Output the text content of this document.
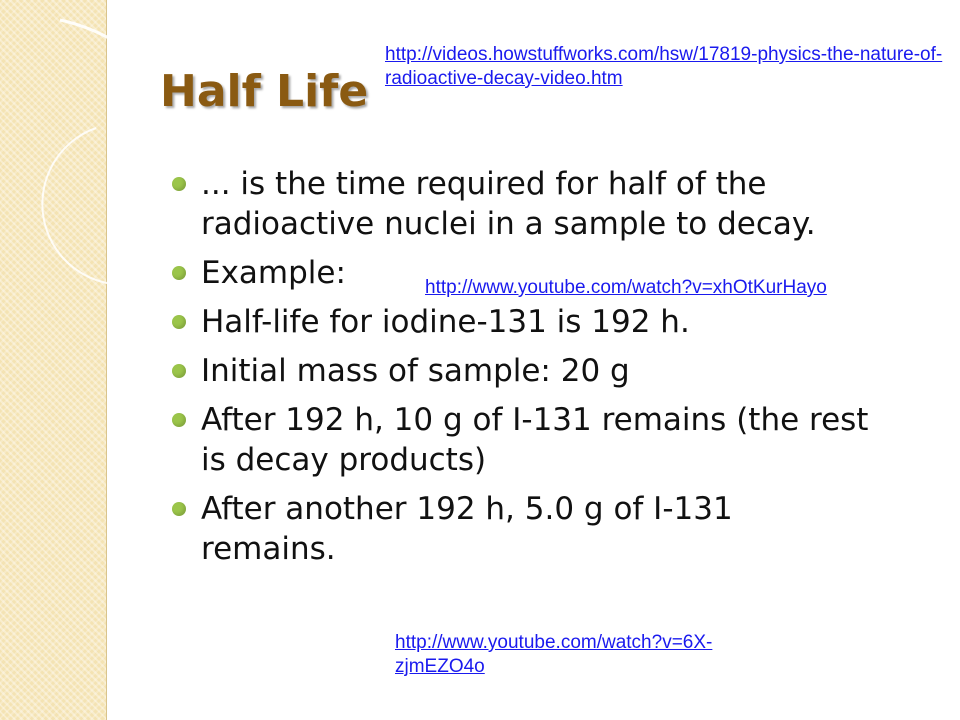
Half Life
http://videos.howstuffworks.com/hsw/17819-physics-the-nature-of-radioactive-decay-video.htm
... is the time required for half of the radioactive nuclei in a sample to decay.
Example:
Half-life for iodine-131 is 192 h.
Initial mass of sample: 20 g
After 192 h, 10 g of I-131 remains (the rest is decay products)
After another 192 h, 5.0 g of I-131 remains.
http://www.youtube.com/watch?v=xhOtKurHayo
http://www.youtube.com/watch?v=6X-zjmEZO4o
